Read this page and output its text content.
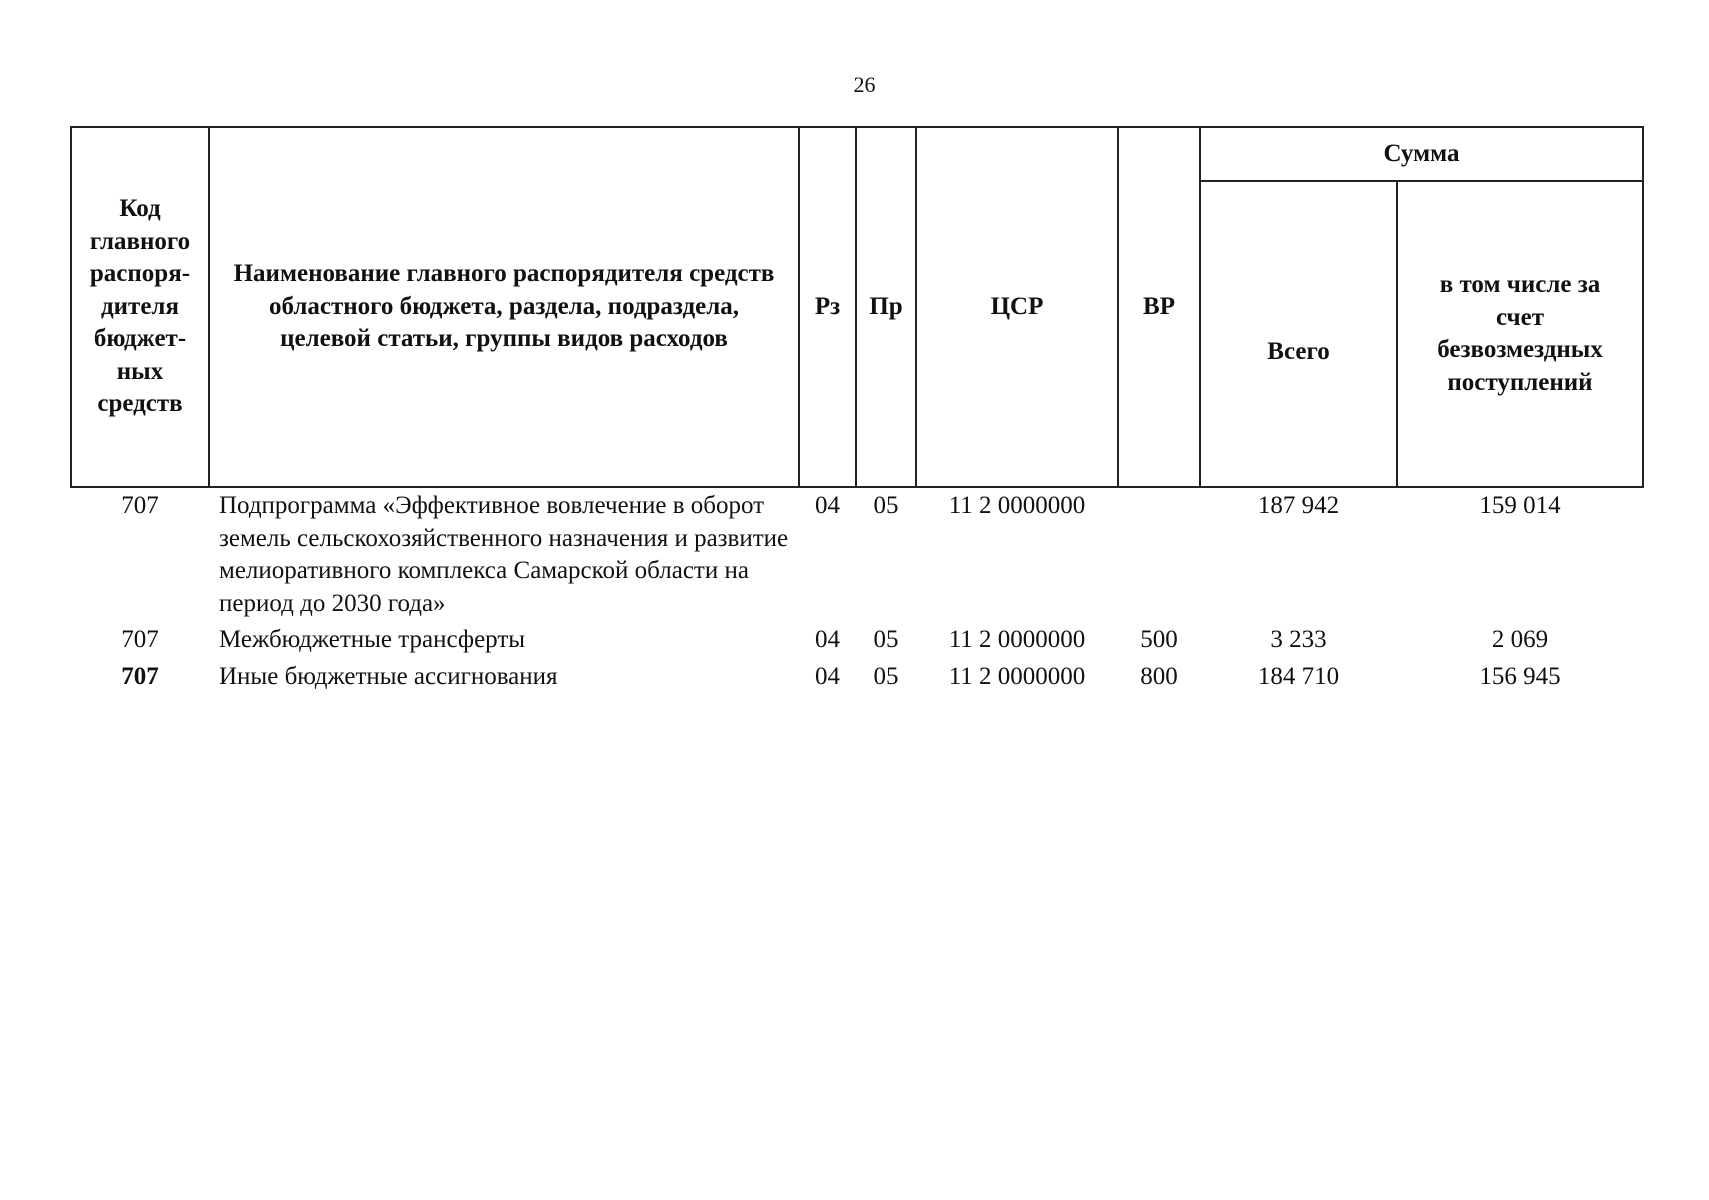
26
Код главного распоря-дителя бюджет-ных средств	Наименование главного распорядителя средств областного бюджета, раздела, подраздела, целевой статьи, группы видов расходов	Рз	Пр	ЦСР	ВР	Сумма	
						Всего	в том числе за счет безвозмездных поступлений
707	Подпрограмма «Эффективное вовлечение в оборот земель сельскохозяйственного назначения и развитие мелиоративного комплекса Самарской области на период до 2030 года»	04	05	11 2 0000000		187 942	159 014
707	Межбюджетные трансферты	04	05	11 2 0000000	500	3 233	2 069
707	Иные бюджетные ассигнования	04	05	11 2 0000000	800	184 710	156 945
